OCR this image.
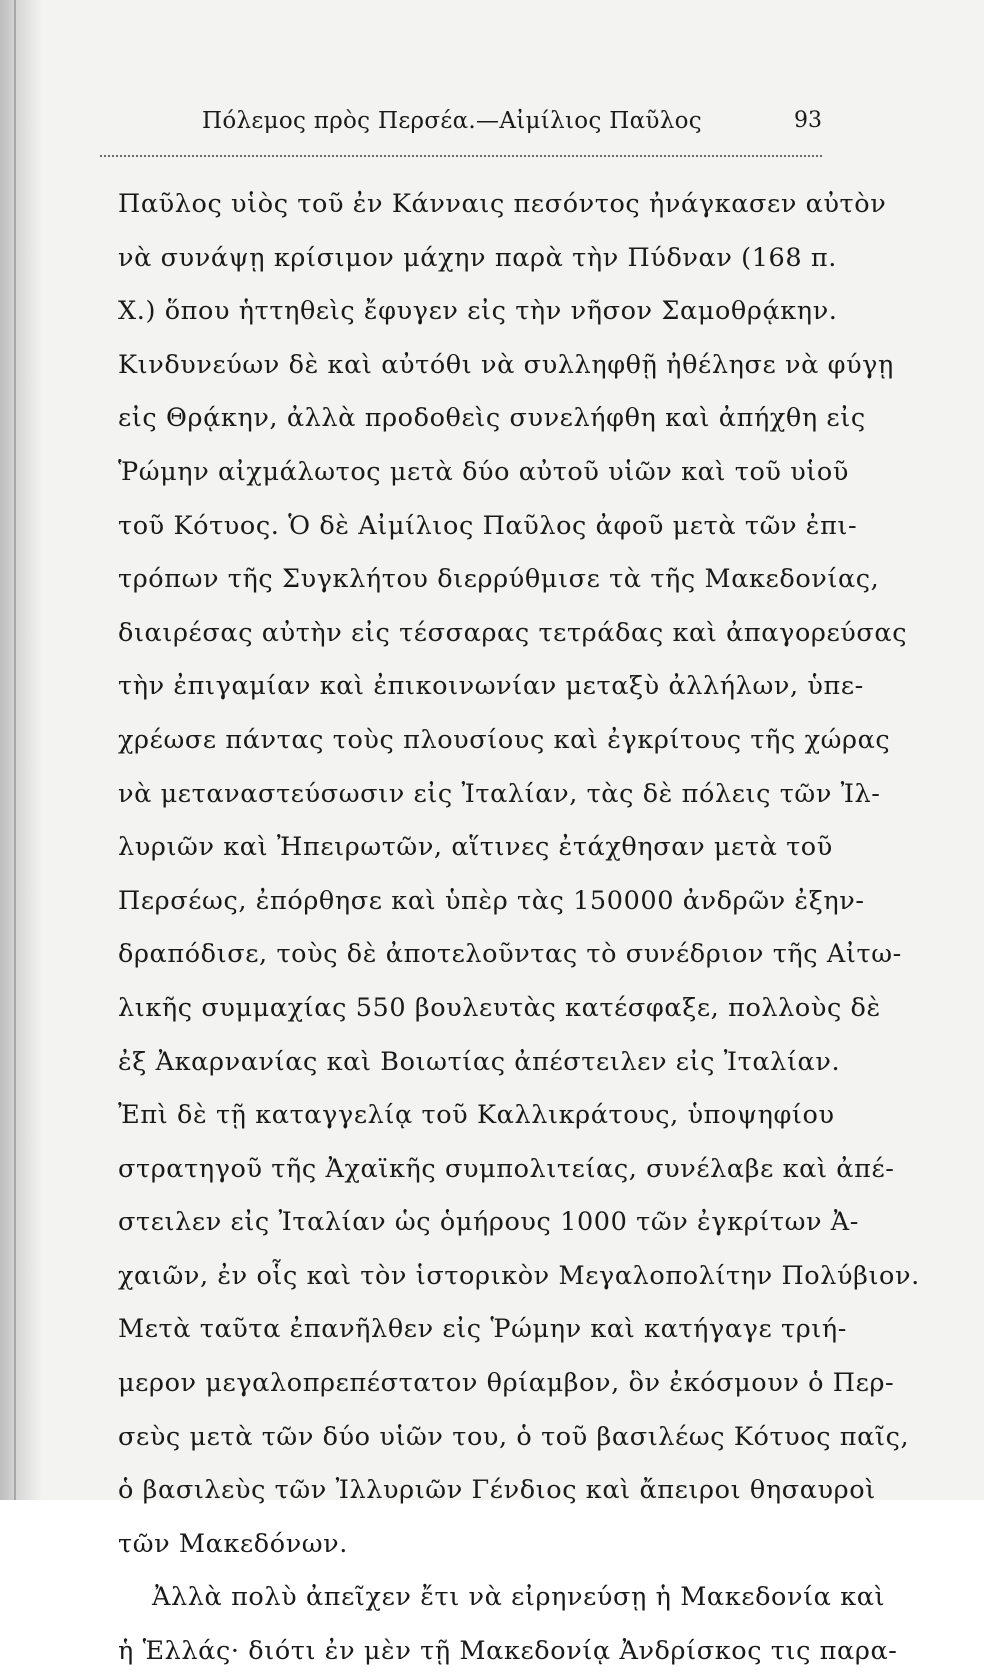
Πόλεμος πρὸς Περσέα.—Αἰμίλιος Παῦλος	93
Παῦλος υἱὸς τοῦ ἐν Κάνναις πεσόντος ἠνάγκασεν αὐτὸν
νὰ συνάψῃ κρίσιμον μάχην παρὰ τὴν Πύδναν (168 π.
Χ.) ὅπου ἡττηθεὶς ἔφυγεν εἰς τὴν νῆσον Σαμοθρᾴκην.
Κινδυνεύων δὲ καὶ αὐτόθι νὰ συλληφθῇ ἠθέλησε νὰ φύγῃ
εἰς Θρᾴκην, ἀλλὰ προδοθεὶς συνελήφθη καὶ ἀπήχθη εἰς
Ῥώμην αἰχμάλωτος μετὰ δύο αὐτοῦ υἱῶν καὶ τοῦ υἱοῦ
τοῦ Κότυος. Ὁ δὲ Αἰμίλιος Παῦλος ἀφοῦ μετὰ τῶν ἐπι-
τρόπων τῆς Συγκλήτου διερρύθμισε τὰ τῆς Μακεδονίας,
διαιρέσας αὐτὴν εἰς τέσσαρας τετράδας καὶ ἀπαγορεύσας
τὴν ἐπιγαμίαν καὶ ἐπικοινωνίαν μεταξὺ ἀλλήλων, ὑπε-
χρέωσε πάντας τοὺς πλουσίους καὶ ἐγκρίτους τῆς χώρας
νὰ μεταναστεύσωσιν εἰς Ἰταλίαν, τὰς δὲ πόλεις τῶν Ἰλ-
λυριῶν καὶ Ἠπειρωτῶν, αἵτινες ἐτάχθησαν μετὰ τοῦ
Περσέως, ἐπόρθησε καὶ ὑπὲρ τὰς 150000 ἀνδρῶν ἐξην-
δραπόδισε, τοὺς δὲ ἀποτελοῦντας τὸ συνέδριον τῆς Αἰτω-
λικῆς συμμαχίας 550 βουλευτὰς κατέσφαξε, πολλοὺς δὲ
ἐξ Ἀκαρνανίας καὶ Βοιωτίας ἀπέστειλεν εἰς Ἰταλίαν.
Ἐπὶ δὲ τῇ καταγγελίᾳ τοῦ Καλλικράτους, ὑποψηφίου
στρατηγοῦ τῆς Ἀχαϊκῆς συμπολιτείας, συνέλαβε καὶ ἀπέ-
στειλεν εἰς Ἰταλίαν ὡς ὁμήρους 1000 τῶν ἐγκρίτων Ἀ-
χαιῶν, ἐν οἷς καὶ τὸν ἱστορικὸν Μεγαλοπολίτην Πολύβιον.
Μετὰ ταῦτα ἐπανῆλθεν εἰς Ῥώμην καὶ κατήγαγε τριή-
μερον μεγαλοπρεπέστατον θρίαμβον, ὃν ἐκόσμουν ὁ Περ-
σεὺς μετὰ τῶν δύο υἱῶν του, ὁ τοῦ βασιλέως Κότυος παῖς,
ὁ βασιλεὺς τῶν Ἰλλυριῶν Γένδιος καὶ ἄπειροι θησαυροὶ
τῶν Μακεδόνων.
Ἀλλὰ πολὺ ἀπεῖχεν ἔτι νὰ εἰρηνεύσῃ ἡ Μακεδονία καὶ
ἡ Ἑλλάς· διότι ἐν μὲν τῇ Μακεδονίᾳ Ἀνδρίσκος τις παρα-
